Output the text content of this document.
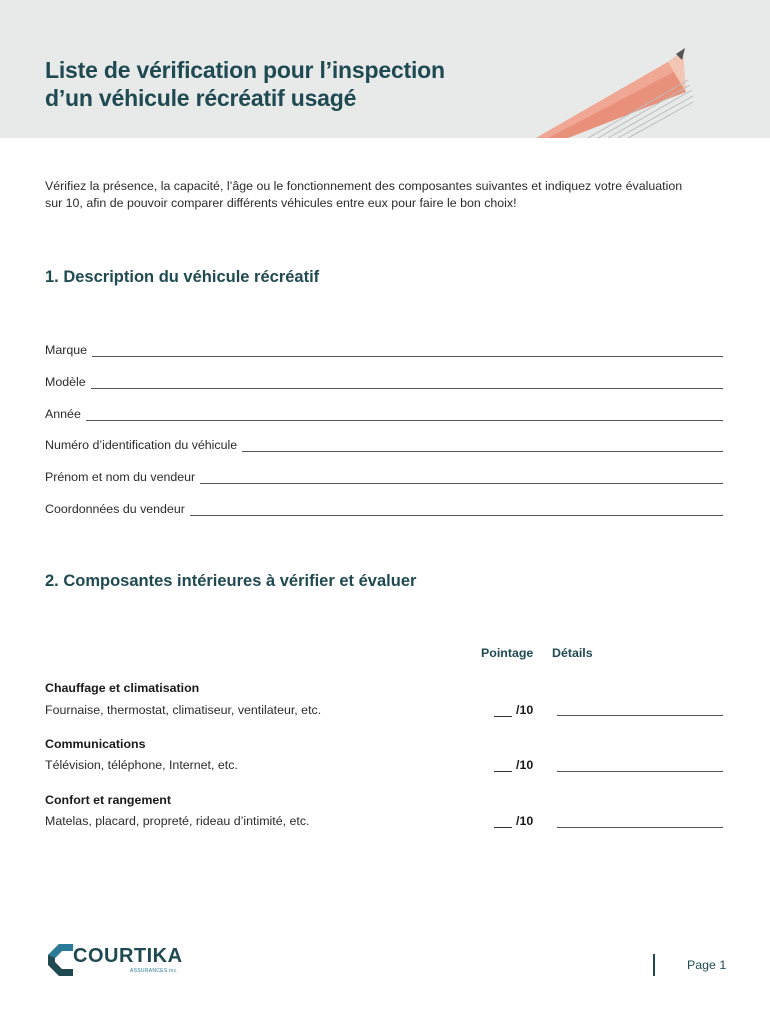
Liste de vérification pour l’inspection
d’un véhicule récréatif usagé
Vérifiez la présence, la capacité, l’âge ou le fonctionnement des composantes suivantes et indiquez votre évaluation
sur 10, afin de pouvoir comparer différents véhicules entre eux pour faire le bon choix!
1. Description du véhicule récréatif
Marque
Modèle
Année
Numéro d’identification du véhicule
Prénom et nom du vendeur
Coordonnées du vendeur
2. Composantes intérieures à vérifier et évaluer
Pointage Détails
Chauffage et climatisation
Fournaise, thermostat, climatiseur, ventilateur, etc.	/10
Communications
Télévision, téléphone, Internet, etc.	/10
Confort et rangement
Matelas, placard, propreté, rideau d’intimité, etc.	/10
COURTIKA
ASSURANCES inc.	Page 1
